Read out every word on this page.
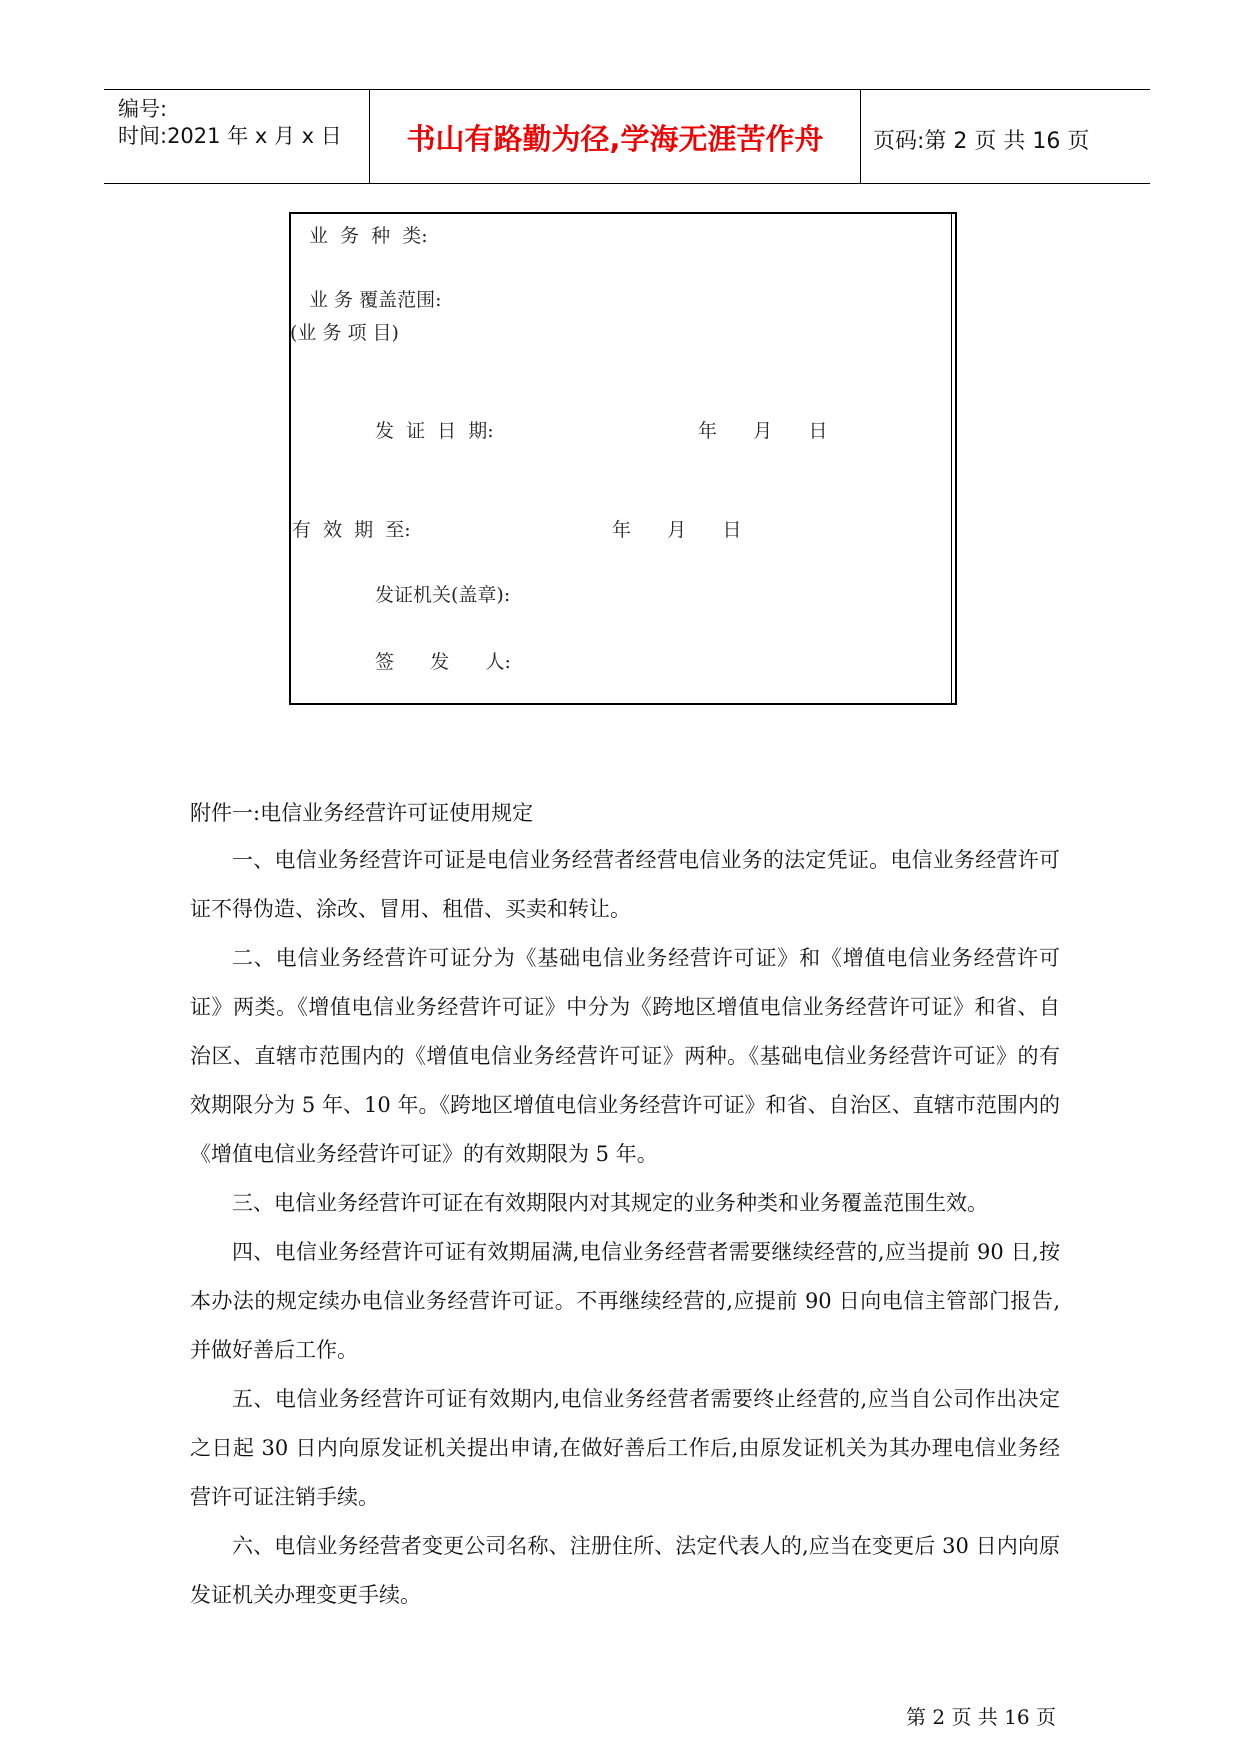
编号:
时间:2021 年 x 月 x 日	书山有路勤为径,学海无涯苦作舟	页码:第 2 页 共 16 页
业  务  种  类:
业 务 覆盖范围:
(业 务 项 目)
发  证  日  期:	年      月      日
有  效  期  至:	年      月      日
发证机关(盖章):
签      发      人:
附件一:电信业务经营许可证使用规定

一、电信业务经营许可证是电信业务经营者经营电信业务的法定凭证。电信业务经营许可证不得伪造、涂改、冒用、租借、买卖和转让。

二、电信业务经营许可证分为《基础电信业务经营许可证》和《增值电信业务经营许可证》两类。《增值电信业务经营许可证》中分为《跨地区增值电信业务经营许可证》和省、自治区、直辖市范围内的《增值电信业务经营许可证》两种。《基础电信业务经营许可证》的有效期限分为 5 年、10 年。《跨地区增值电信业务经营许可证》和省、自治区、直辖市范围内的《增值电信业务经营许可证》的有效期限为 5 年。

三、电信业务经营许可证在有效期限内对其规定的业务种类和业务覆盖范围生效。

四、电信业务经营许可证有效期届满,电信业务经营者需要继续经营的,应当提前 90 日,按本办法的规定续办电信业务经营许可证。不再继续经营的,应提前 90 日向电信主管部门报告,并做好善后工作。

五、电信业务经营许可证有效期内,电信业务经营者需要终止经营的,应当自公司作出决定之日起 30 日内向原发证机关提出申请,在做好善后工作后,由原发证机关为其办理电信业务经营许可证注销手续。

六、电信业务经营者变更公司名称、注册住所、法定代表人的,应当在变更后 30 日内向原发证机关办理变更手续。

第 2 页 共 16 页
